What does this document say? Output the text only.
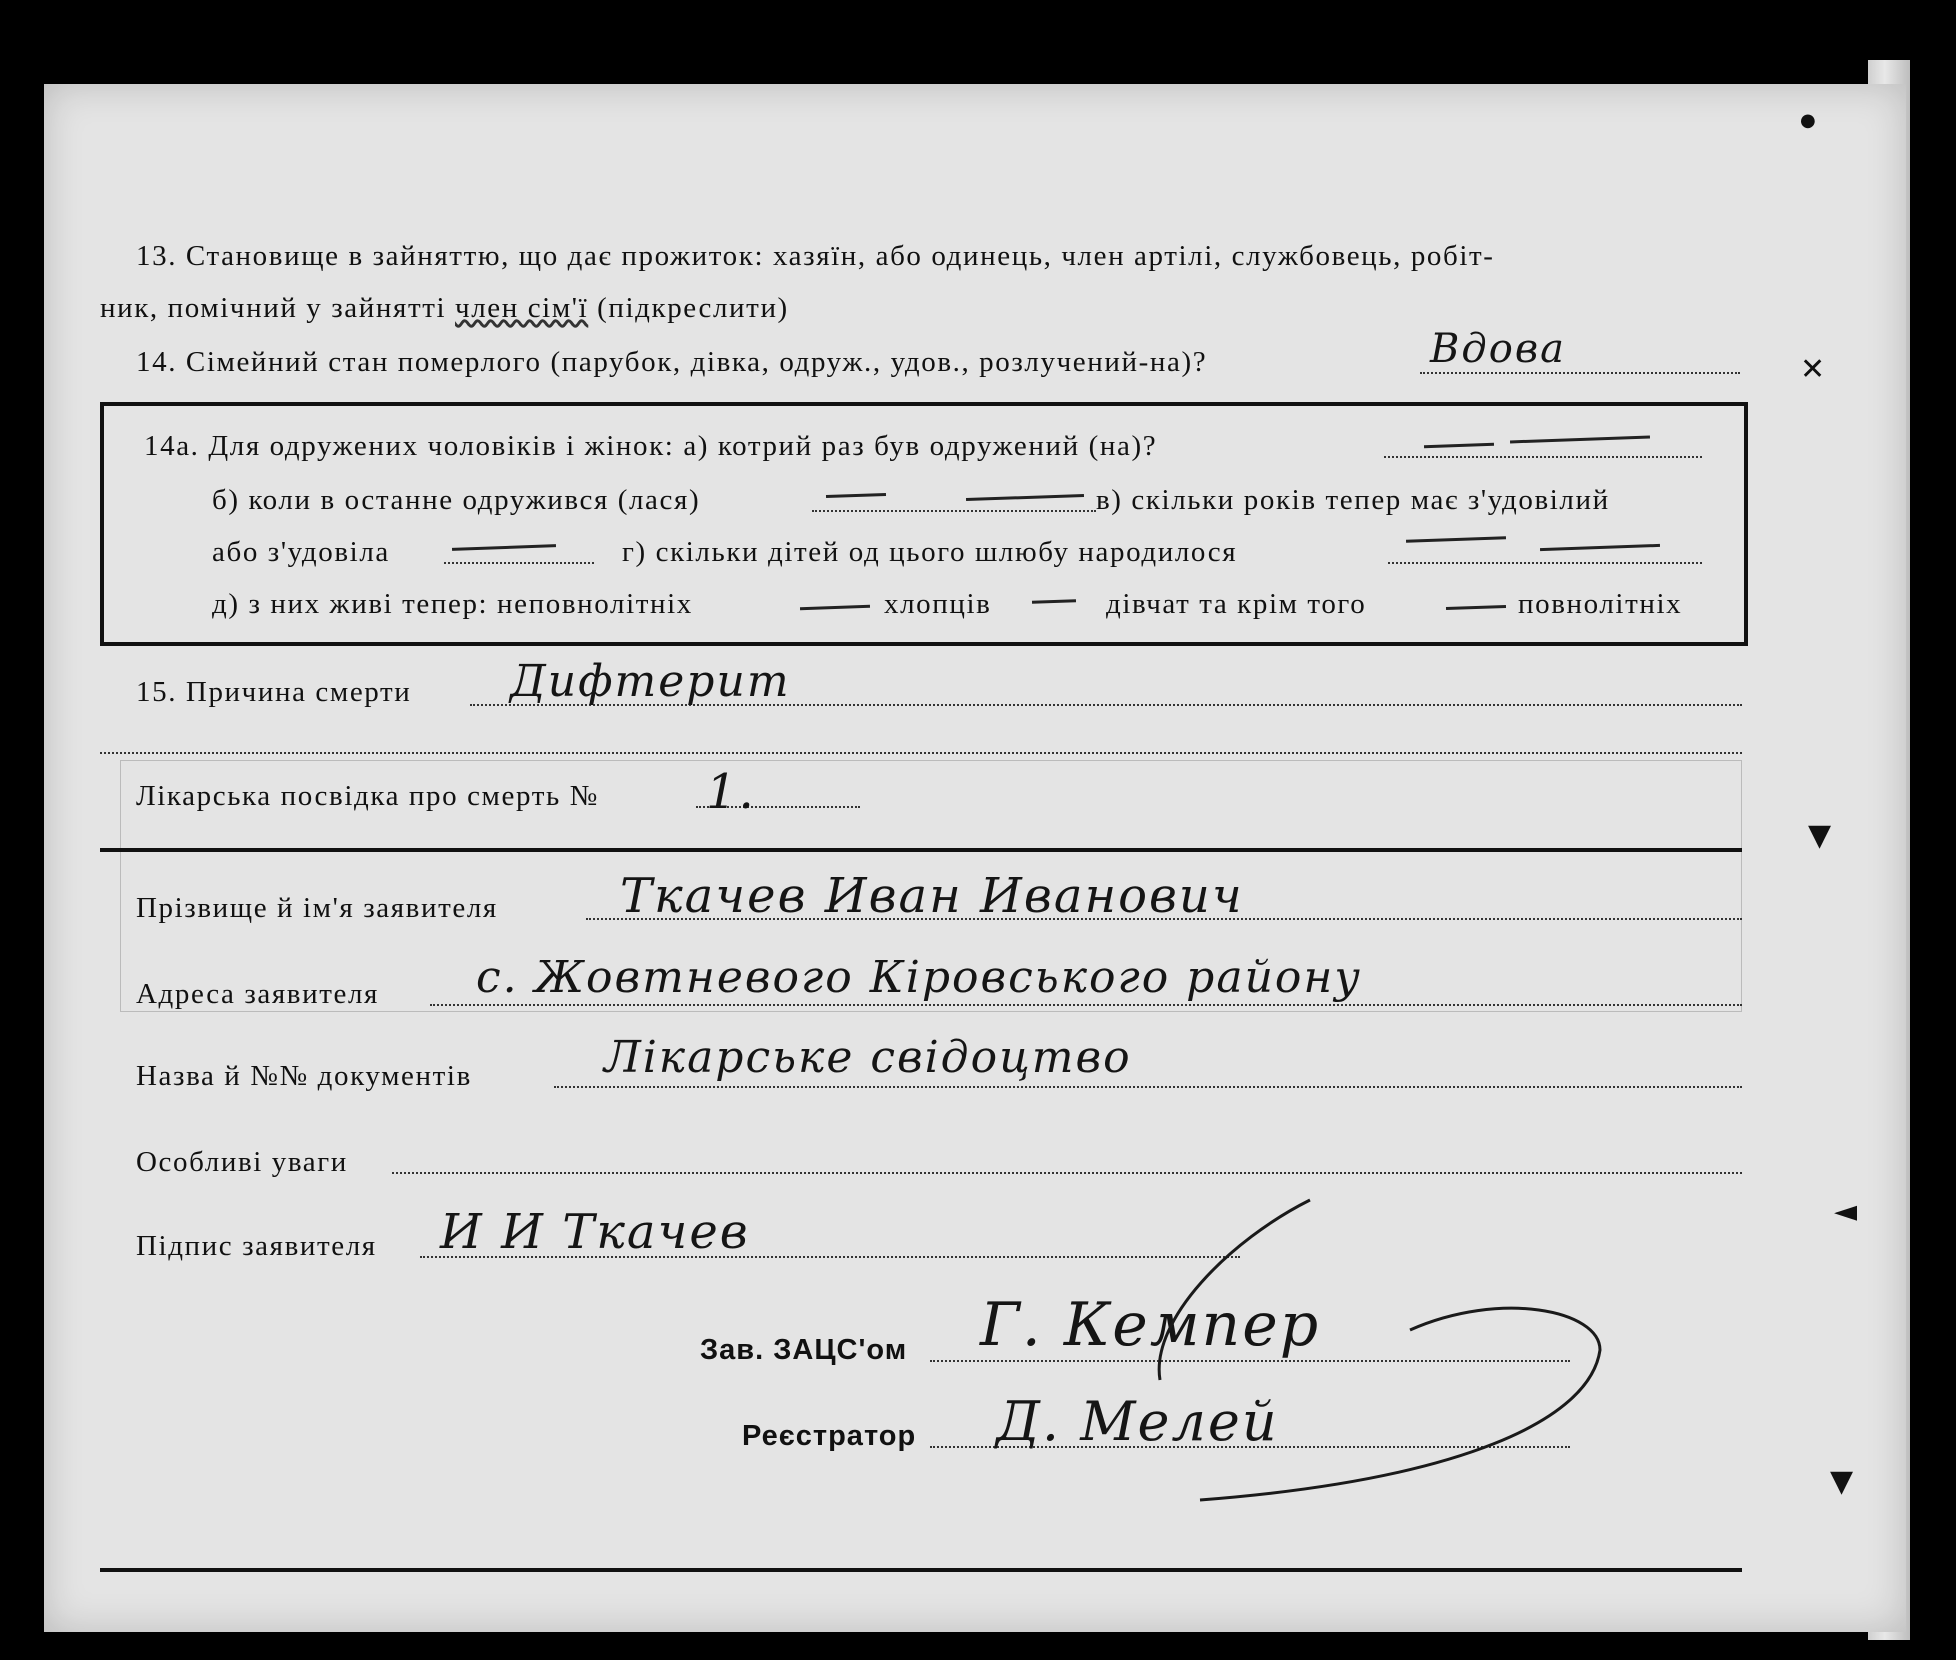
13. Становище в зайняттю, що дає прожиток: хазяїн, або одинець, член артілі, службовець, робіт-
ник, помічний у зайнятті член сім'ї (підкреслити)
14. Сімейний стан померлого (парубок, дівка, одруж., удов., розлучений-на)?	Вдова
14а. Для одружених чоловіків і жінок: а) котрий раз був одружений (на)?
б) коли в останне одружився (лася)	в) скільки років тепер має з'удовілий
або з'удовіла	г) скільки дітей од цього шлюбу народилося
д) з них живі тепер: неповнолітніх	хлопців	дівчат та крім того	повнолітніх
15. Причина смерти Дифтерит
Лікарська посвідка про смерть № 1.
Прізвище й ім'я заявителя	Ткачев Иван Иванович
Адреса заявителя с. Жовтневого Кіровського району
Назва й №№ документів	Лікарське свідоцтво
Особливі уваги
Підпис заявителя И И Ткачев
Зав. ЗАЦС'ом Г. Кемпер
Реєстратор Д. Мелей
✕
▼
◄
▼
●
